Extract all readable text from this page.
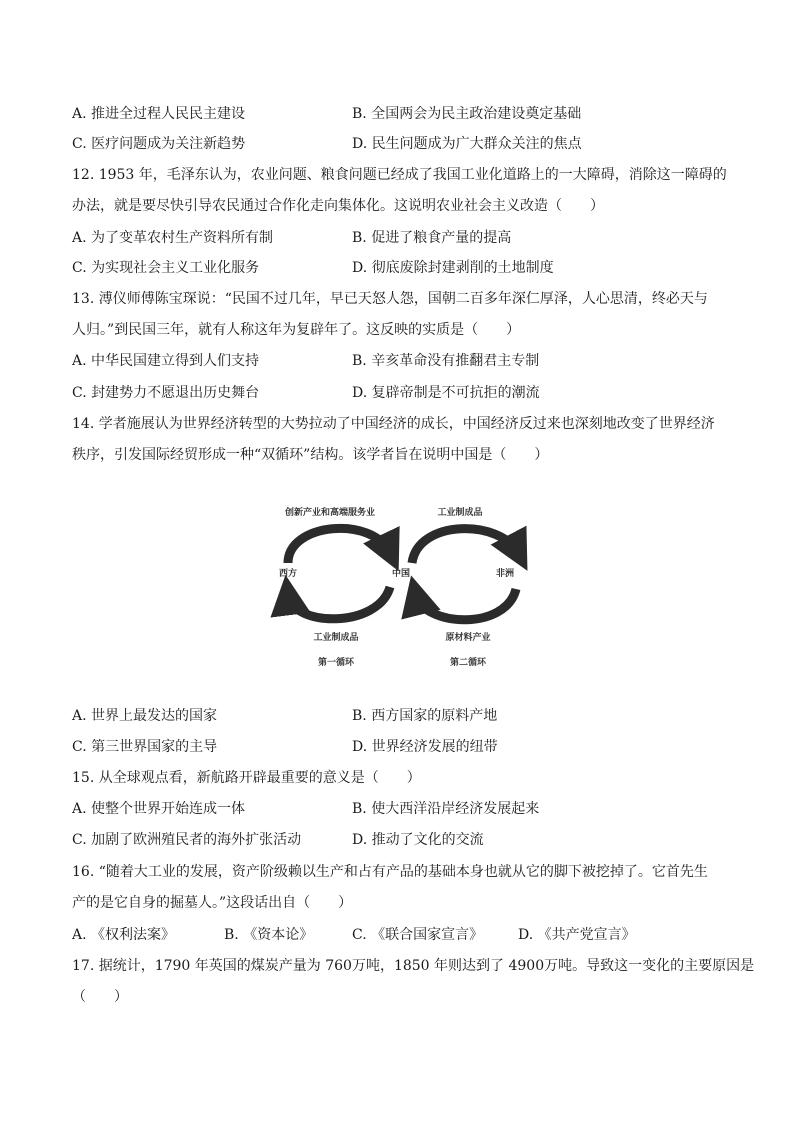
A. 推进全过程人民民主建设	B. 全国两会为民主政治建设奠定基础
C. 医疗问题成为关注新趋势	D. 民生问题成为广大群众关注的焦点
12. 1953 年，毛泽东认为，农业问题、粮食问题已经成了我国工业化道路上的一大障碍，消除这一障碍的
办法，就是要尽快引导农民通过合作化走向集体化。这说明农业社会主义改造（　　）
A. 为了变革农村生产资料所有制	B. 促进了粮食产量的提高
C. 为实现社会主义工业化服务	D. 彻底废除封建剥削的土地制度
13. 溥仪师傅陈宝琛说：“民国不过几年，早已天怒人怨，国朝二百多年深仁厚泽，人心思清，终必天与
人归。”到民国三年，就有人称这年为复辟年了。这反映的实质是（　　）
A. 中华民国建立得到人们支持	B. 辛亥革命没有推翻君主专制
C. 封建势力不愿退出历史舞台	D. 复辟帝制是不可抗拒的潮流
14. 学者施展认为世界经济转型的大势拉动了中国经济的成长，中国经济反过来也深刻地改变了世界经济
秩序，引发国际经贸形成一种“双循环”结构。该学者旨在说明中国是（　　）
创新产业和高端服务业	工业制成品
西方	中国	非洲
工业制成品	原材料产业
第一循环	第二循环
A. 世界上最发达的国家	B. 西方国家的原料产地
C. 第三世界国家的主导	D. 世界经济发展的纽带
15. 从全球观点看，新航路开辟最重要的意义是（　　）
A. 使整个世界开始连成一体	B. 使大西洋沿岸经济发展起来
C. 加剧了欧洲殖民者的海外扩张活动	D. 推动了文化的交流
16. “随着大工业的发展，资产阶级赖以生产和占有产品的基础本身也就从它的脚下被挖掉了。它首先生
产的是它自身的掘墓人。”这段话出自（　　）
A. 《权利法案》	B. 《资本论》	C. 《联合国家宣言》 D. 《共产党宣言》
17. 据统计，1790 年英国的煤炭产量为 760万吨，1850 年则达到了 4900万吨。导致这一变化的主要原因是
（　　）
